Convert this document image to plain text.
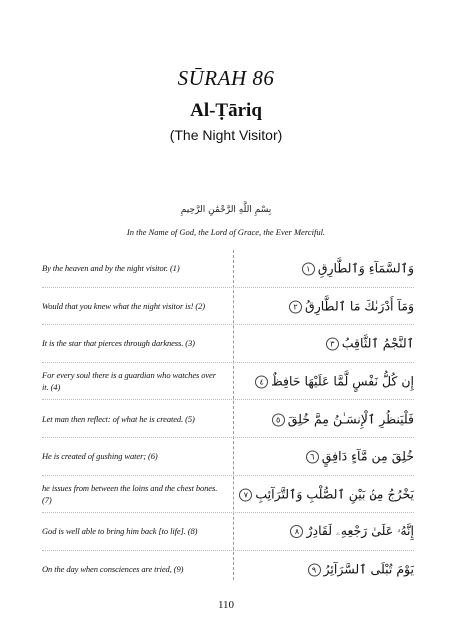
SŪRAH 86
Al-Ṭāriq
(The Night Visitor)
بِسْمِ اللَّهِ الرَّحْمَٰنِ الرَّحِيمِ
In the Name of God, the Lord of Grace, the Ever Merciful.
By the heaven and by the night visitor. (1)	وَٱلسَّمَآءِ وَٱلطَّارِقِ١
Would that you knew what the night visitor is! (2)	وَمَآ أَدْرَىٰكَ مَا ٱلطَّارِقُ٢
It is the star that pierces through darkness. (3)	ٱلنَّجْمُ ٱلثَّاقِبُ٣
For every soul there is a guardian who watches over it. (4)	إِن كُلُّ نَفْسٍ لَّمَّا عَلَيْهَا حَافِظٌ٤
Let man then reflect: of what he is created. (5)	فَلْيَنظُرِ ٱلْإِنسَـٰنُ مِمَّ خُلِقَ٥
He is created of gushing water; (6)	خُلِقَ مِن مَّآءٍ دَافِقٍ٦
he issues from between the loins and the chest bones. (7)	يَخْرُجُ مِنۢ بَيْنِ ٱلصُّلْبِ وَٱلتَّرَآئِبِ٧
God is well able to bring him back [to life]. (8)	إِنَّهُۥ عَلَىٰ رَجْعِهِۦ لَقَادِرٌ٨
On the day when consciences are tried, (9)	يَوْمَ تُبْلَى ٱلسَّرَآئِرُ٩
110
